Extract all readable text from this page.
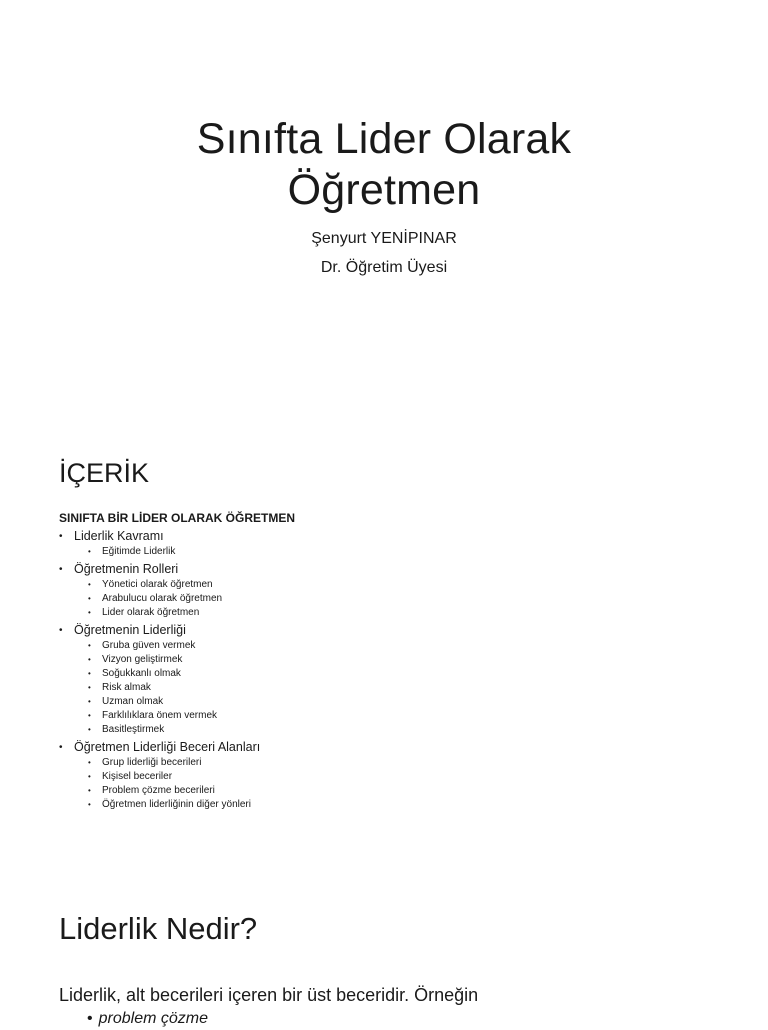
Sınıfta Lider Olarak
Öğretmen
Şenyurt YENİPINAR
Dr. Öğretim Üyesi
İÇERİK
SINIFTA BİR LİDER OLARAK ÖĞRETMEN
• Liderlik Kavramı
• Eğitimde Liderlik
• Öğretmenin Rolleri
• Yönetici olarak öğretmen
• Arabulucu olarak öğretmen
• Lider olarak öğretmen
• Öğretmenin Liderliği
• Gruba güven vermek
• Vizyon geliştirmek
• Soğukkanlı olmak
• Risk almak
• Uzman olmak
• Farklılıklara önem vermek
• Basitleştirmek
• Öğretmen Liderliği Beceri Alanları
• Grup liderliği becerileri
• Kişisel beceriler
• Problem çözme becerileri
• Öğretmen liderliğinin diğer yönleri
Liderlik Nedir?
Liderlik, alt becerileri içeren bir üst beceridir. Örneğin
• problem çözme
